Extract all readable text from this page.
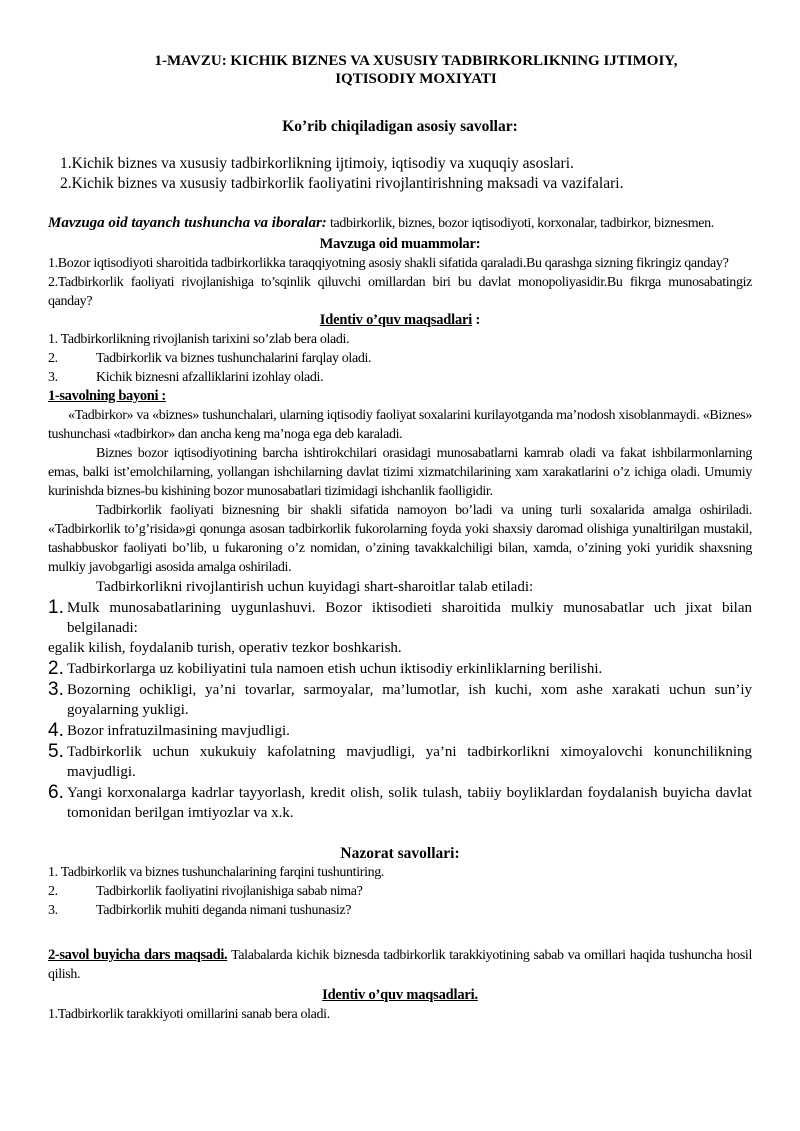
1-MAVZU: KICHIK BIZNES VA XUSUSIY TADBIRKORLIKNING IJTIMOIY,
IQTISODIY MOXIYATI
Ko’rib chiqiladigan asosiy savollar:
1.Kichik biznes va xususiy tadbirkorlikning ijtimoiy, iqtisodiy va xuquqiy asoslari.
2.Kichik biznes va xususiy tadbirkorlik faoliyatini rivojlantirishning maksadi va vazifalari.
Mavzuga oid tayanch tushuncha va iboralar: tadbirkorlik, biznes, bozor iqtisodiyoti, korxonalar, tadbirkor, biznesmen.
Mavzuga oid muammolar:
1.Bozor iqtisodiyoti sharoitida tadbirkorlikka taraqqiyotning asosiy shakli sifatida qaraladi.Bu qarashga sizning fikringiz qanday?
2.Tadbirkorlik faoliyati rivojlanishiga to’sqinlik qiluvchi omillardan biri bu davlat monopoliyasidir.Bu fikrga munosabatingiz qanday?
Identiv o’quv maqsadlari :
1. Tadbirkorlikning rivojlanish tarixini so’zlab bera oladi.
2.	Tadbirkorlik va biznes tushunchalarini farqlay oladi.
3.	Kichik biznesni afzalliklarini izohlay oladi.
1-savolning bayoni :
«Tadbirkor» va «biznes» tushunchalari, ularning iqtisodiy faoliyat soxalarini kurilayotganda ma’nodosh xisoblanmaydi. «Biznes» tushunchasi «tadbirkor» dan ancha keng ma’noga ega deb karaladi.
Biznes bozor iqtisodiyotining barcha ishtirokchilari orasidagi munosabatlarni kamrab oladi va fakat ishbilarmonlarning emas, balki ist’emolchilarning, yollangan ishchilarning davlat tizimi xizmatchilarining xam xarakatlarini o’z ichiga oladi. Umumiy kurinishda biznes-bu kishining bozor munosabatlari tizimidagi ishchanlik faolligidir.
Tadbirkorlik faoliyati biznesning bir shakli sifatida namoyon bo’ladi va uning turli soxalarida amalga oshiriladi. «Tadbirkorlik to’g’risida»gi qonunga asosan tadbirkorlik fukorolarning foyda yoki shaxsiy daromad olishiga yunaltirilgan mustakil, tashabbuskor faoliyati bo’lib, u fukaroning o’z nomidan, o’zining tavakkalchiligi bilan, xamda, o’zining yoki yuridik shaxsning mulkiy javobgarligi asosida amalga oshiriladi.
Tadbirkorlikni rivojlantirish uchun kuyidagi shart-sharoitlar talab etiladi:
1. Mulk munosabatlarining uygunlashuvi. Bozor iktisodieti sharoitida mulkiy munosabatlar uch jixat bilan belgilanadi:
egalik kilish, foydalanib turish, operativ tezkor boshkarish.
2. Tadbirkorlarga uz kobiliyatini tula namoen etish uchun iktisodiy erkinliklarning berilishi.
3. Bozorning ochikligi, ya’ni tovarlar, sarmoyalar, ma’lumotlar, ish kuchi, xom ashe xarakati uchun sun’iy goyalarning yukligi.
4. Bozor infratuzilmasining mavjudligi.
5. Tadbirkorlik uchun xukukuiy kafolatning mavjudligi, ya’ni tadbirkorlikni ximoyalovchi konunchilikning mavjudligi.
6. Yangi korxonalarga kadrlar tayyorlash, kredit olish, solik tulash, tabiiy boyliklardan foydalanish buyicha davlat tomonidan berilgan imtiyozlar va x.k.
Nazorat savollari:
1. Tadbirkorlik va biznes tushunchalarining farqini tushuntiring.
2.	Tadbirkorlik faoliyatini rivojlanishiga sabab nima?
3.	Tadbirkorlik muhiti deganda nimani tushunasiz?
2-savol buyicha dars maqsadi. Talabalarda kichik biznesda tadbirkorlik tarakkiyotining sabab va omillari haqida tushuncha hosil qilish.
Identiv o’quv maqsadlari.
1.Tadbirkorlik tarakkiyoti omillarini sanab bera oladi.
